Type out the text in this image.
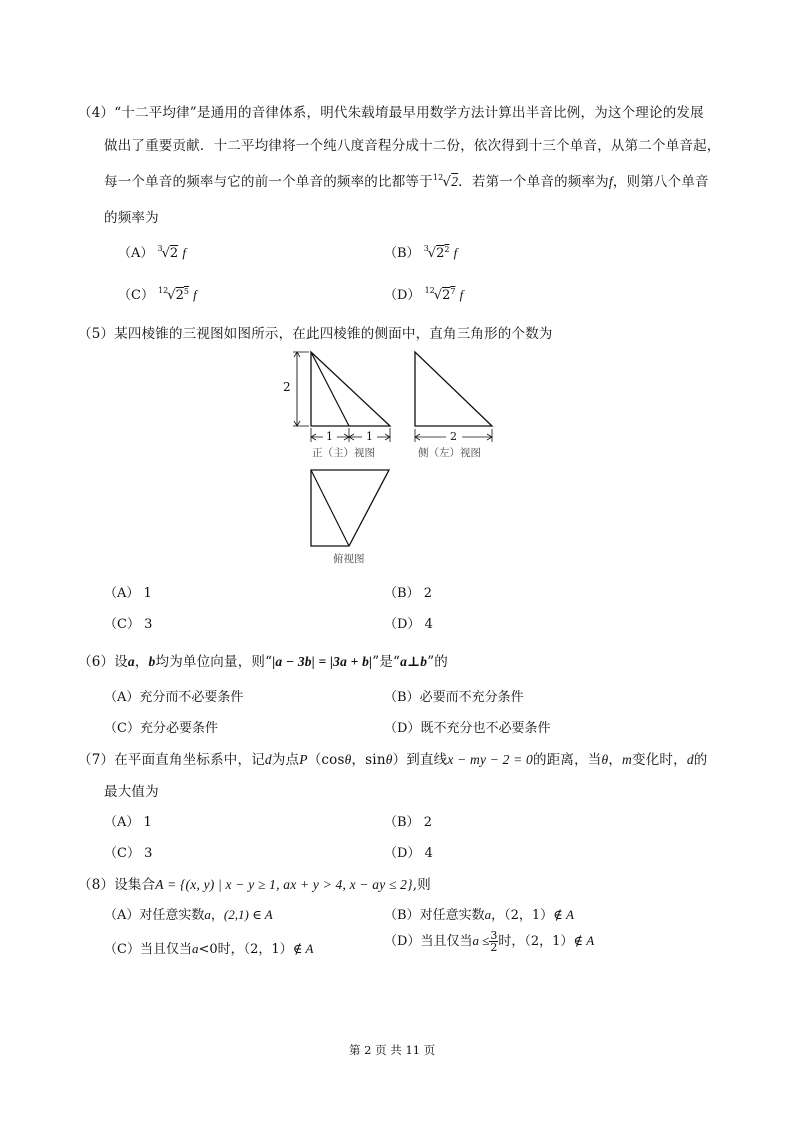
（4）“十二平均律”是通用的音律体系，明代朱载堉最早用数学方法计算出半音比例，为这个理论的发展
做出了重要贡献．十二平均律将一个纯八度音程分成十二份，依次得到十三个单音，从第二个单音起，
每一个单音的频率与它的前一个单音的频率的比都等于$^{12}$√2．若第一个单音的频率为f，则第八个单音
的频率为
（A） $^3$√2 f	（B） $^3√2^2$ f
（C） $^{12}√2^5$ f	（D） $^{12}√2^7$ f
（5）某四棱锥的三视图如图所示，在此四棱锥的侧面中，直角三角形的个数为
2
1	1	2
正（主）视图	侧（左）视图
俯视图
（A） 1	（B） 2
（C） 3	（D） 4
（6）设a，b均为单位向量，则“|a − 3b| = |3a + b|”是“a⊥b”的
（A）充分而不必要条件	（B）必要而不充分条件
（C）充分必要条件	（D）既不充分也不必要条件
（7）在平面直角坐标系中，记d为点P（cosθ，sinθ）到直线x − my − 2 = 0的距离，当θ，m变化时，d的
最大值为
（A） 1	（B） 2
（C） 3	（D） 4
（8）设集合A = {(x, y) | x − y ≥ 1, ax + y > 4, x − ay ≤ 2},则
（A）对任意实数a，(2,1) ∈ A	（B）对任意实数a，（2，1）∉ A
（C）当且仅当a<0时，（2，1）∉ A	（D）当且仅当$a \le \frac{3}{2}$ 时，（2，1）∉ A
第 2 页 共 11 页
